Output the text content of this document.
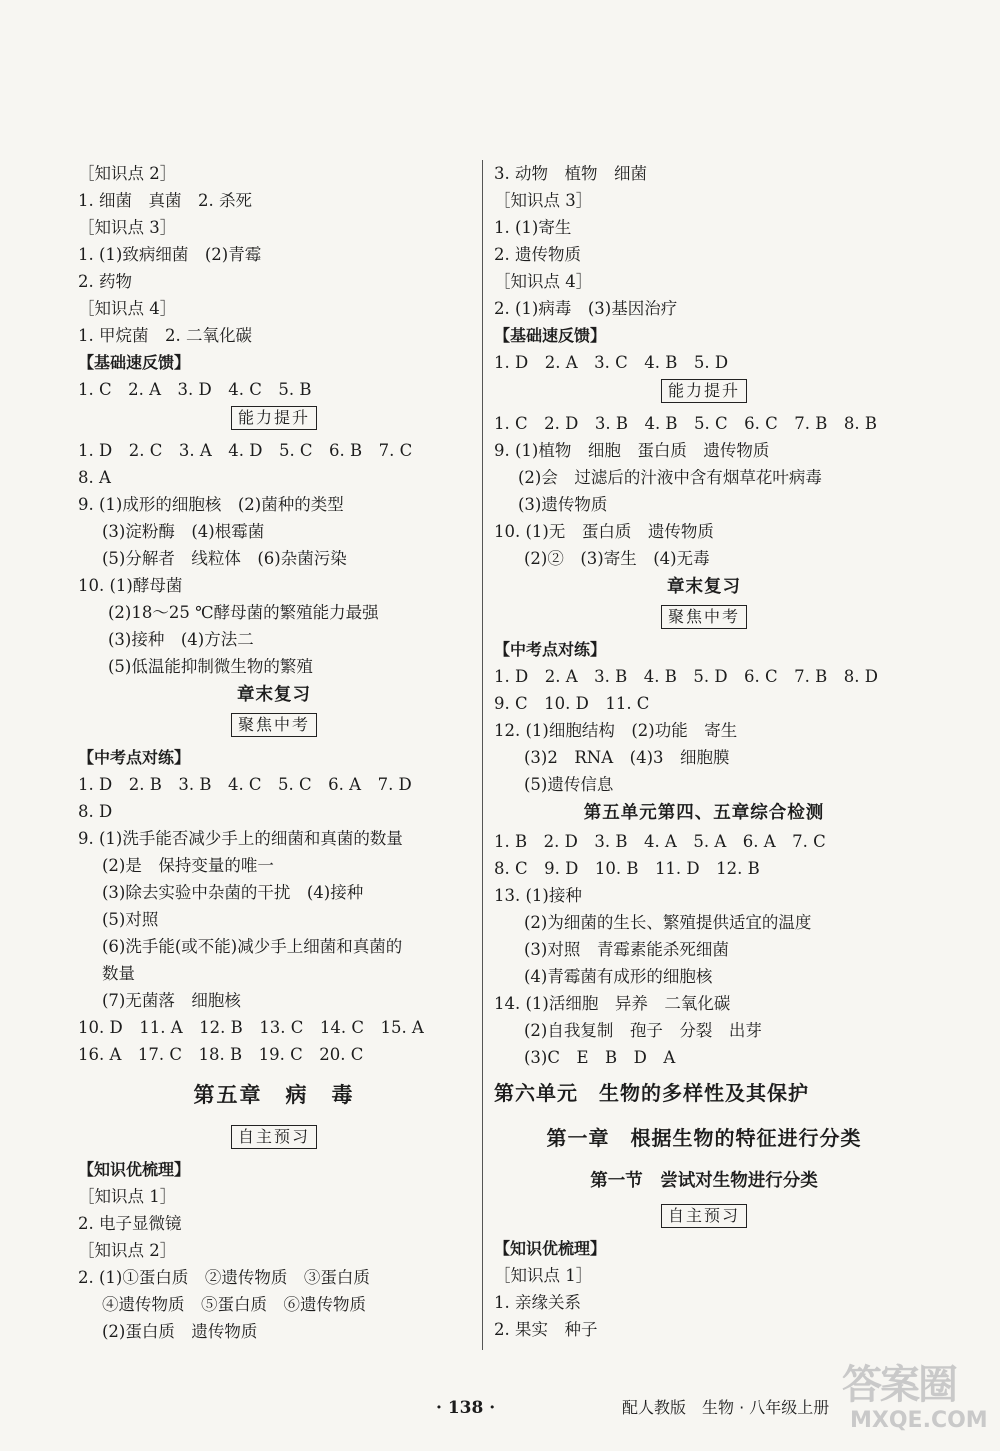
［知识点 2］
1. 细菌　真菌　2. 杀死
［知识点 3］
1. (1)致病细菌　(2)青霉
2. 药物
［知识点 4］
1. 甲烷菌　2. 二氧化碳
【基础速反馈】
1. C　2. A　3. D　4. C　5. B
能力提升
1. D　2. C　3. A　4. D　5. C　6. B　7. C
8. A
9. (1)成形的细胞核　(2)菌种的类型
(3)淀粉酶　(4)根霉菌
(5)分解者　线粒体　(6)杂菌污染
10. (1)酵母菌
(2)18～25 ℃酵母菌的繁殖能力最强
(3)接种　(4)方法二
(5)低温能抑制微生物的繁殖
章末复习
聚焦中考
【中考点对练】
1. D　2. B　3. B　4. C　5. C　6. A　7. D
8. D
9. (1)洗手能否减少手上的细菌和真菌的数量
(2)是　保持变量的唯一
(3)除去实验中杂菌的干扰　(4)接种
(5)对照
(6)洗手能(或不能)减少手上细菌和真菌的
数量
(7)无菌落　细胞核
10. D　11. A　12. B　13. C　14. C　15. A
16. A　17. C　18. B　19. C　20. C
第五章　病　毒
自主预习
【知识优梳理】
［知识点 1］
2. 电子显微镜
［知识点 2］
2. (1)①蛋白质　②遗传物质　③蛋白质
④遗传物质　⑤蛋白质　⑥遗传物质
(2)蛋白质　遗传物质
3. 动物　植物　细菌
［知识点 3］
1. (1)寄生
2. 遗传物质
［知识点 4］
2. (1)病毒　(3)基因治疗
【基础速反馈】
1. D　2. A　3. C　4. B　5. D
能力提升
1. C　2. D　3. B　4. B　5. C　6. C　7. B　8. B
9. (1)植物　细胞　蛋白质　遗传物质
(2)会　过滤后的汁液中含有烟草花叶病毒
(3)遗传物质
10. (1)无　蛋白质　遗传物质
(2)②　(3)寄生　(4)无毒
章末复习
聚焦中考
【中考点对练】
1. D　2. A　3. B　4. B　5. D　6. C　7. B　8. D
9. C　10. D　11. C
12. (1)细胞结构　(2)功能　寄生
(3)2　RNA　(4)3　细胞膜
(5)遗传信息
第五单元第四、五章综合检测
1. B　2. D　3. B　4. A　5. A　6. A　7. C
8. C　9. D　10. B　11. D　12. B
13. (1)接种
(2)为细菌的生长、繁殖提供适宜的温度
(3)对照　青霉素能杀死细菌
(4)青霉菌有成形的细胞核
14. (1)活细胞　异养　二氧化碳
(2)自我复制　孢子　分裂　出芽
(3)C　E　B　D　A
第六单元　生物的多样性及其保护
第一章　根据生物的特征进行分类
第一节　尝试对生物进行分类
自主预习
【知识优梳理】
［知识点 1］
1. 亲缘关系
2. 果实　种子
· 138 ·	配人教版　生物 · 八年级上册 答案圈
MXQE.COM
